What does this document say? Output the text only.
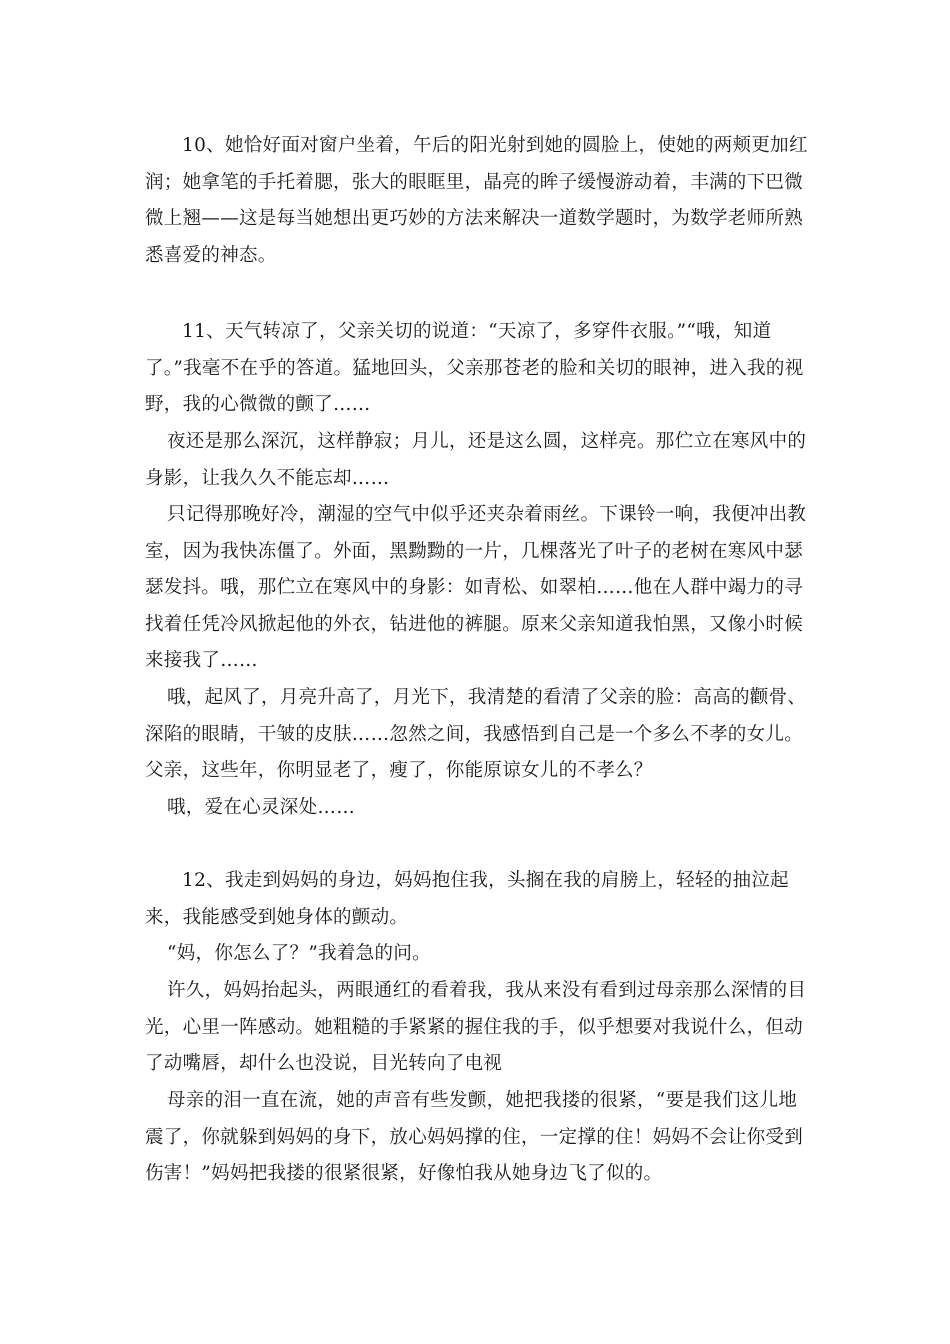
10、她恰好面对窗户坐着，午后的阳光射到她的圆脸上，使她的两颊更加红润；她拿笔的手托着腮，张大的眼眶里，晶亮的眸子缓慢游动着，丰满的下巴微微上翘——这是每当她想出更巧妙的方法来解决一道数学题时，为数学老师所熟悉喜爱的神态。

11、天气转凉了，父亲关切的说道：“天凉了，多穿件衣服。”“哦，知道了。”我毫不在乎的答道。猛地回头，父亲那苍老的脸和关切的眼神，进入我的视野，我的心微微的颤了……

夜还是那么深沉，这样静寂；月儿，还是这么圆，这样亮。那伫立在寒风中的身影，让我久久不能忘却……

只记得那晚好冷，潮湿的空气中似乎还夹杂着雨丝。下课铃一响，我便冲出教室，因为我快冻僵了。外面，黑黝黝的一片，几棵落光了叶子的老树在寒风中瑟瑟发抖。哦，那伫立在寒风中的身影：如青松、如翠柏……他在人群中竭力的寻找着任凭冷风掀起他的外衣，钻进他的裤腿。原来父亲知道我怕黑，又像小时候来接我了……

哦，起风了，月亮升高了，月光下，我清楚的看清了父亲的脸：高高的颧骨、深陷的眼睛，干皱的皮肤……忽然之间，我感悟到自己是一个多么不孝的女儿。父亲，这些年，你明显老了，瘦了，你能原谅女儿的不孝么？

哦，爱在心灵深处……

12、我走到妈妈的身边，妈妈抱住我，头搁在我的肩膀上，轻轻的抽泣起来，我能感受到她身体的颤动。

“妈，你怎么了？”我着急的问。

许久，妈妈抬起头，两眼通红的看着我，我从来没有看到过母亲那么深情的目光，心里一阵感动。她粗糙的手紧紧的握住我的手，似乎想要对我说什么，但动了动嘴唇，却什么也没说，目光转向了电视

母亲的泪一直在流，她的声音有些发颤，她把我搂的很紧，“要是我们这儿地震了，你就躲到妈妈的身下，放心妈妈撑的住，一定撑的住！妈妈不会让你受到伤害！”妈妈把我搂的很紧很紧，好像怕我从她身边飞了似的。
